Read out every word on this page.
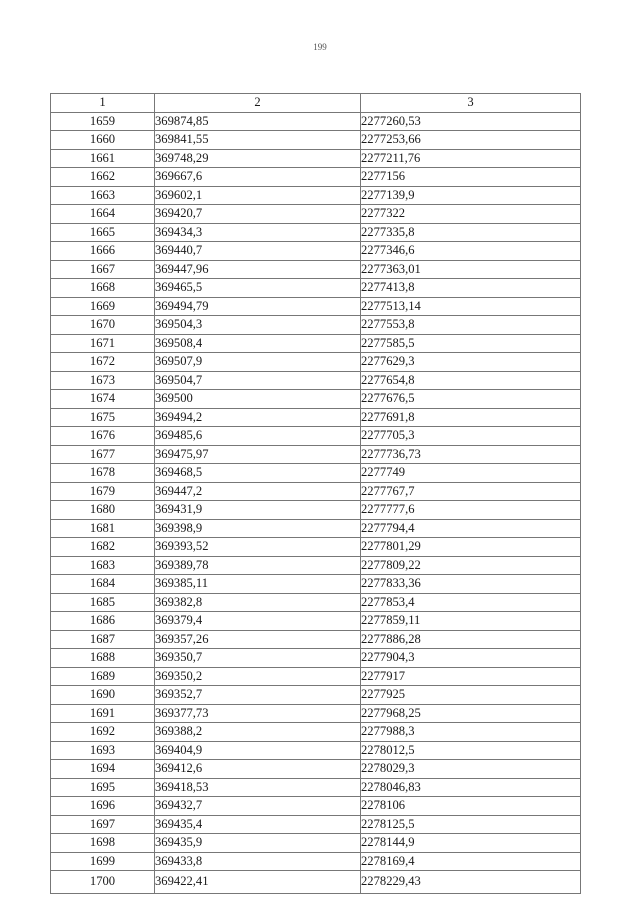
199
1	2	3
1659	369874,85	2277260,53
1660	369841,55	2277253,66
1661	369748,29	2277211,76
1662	369667,6	2277156
1663	369602,1	2277139,9
1664	369420,7	2277322
1665	369434,3	2277335,8
1666	369440,7	2277346,6
1667	369447,96	2277363,01
1668	369465,5	2277413,8
1669	369494,79	2277513,14
1670	369504,3	2277553,8
1671	369508,4	2277585,5
1672	369507,9	2277629,3
1673	369504,7	2277654,8
1674	369500	2277676,5
1675	369494,2	2277691,8
1676	369485,6	2277705,3
1677	369475,97	2277736,73
1678	369468,5	2277749
1679	369447,2	2277767,7
1680	369431,9	2277777,6
1681	369398,9	2277794,4
1682	369393,52	2277801,29
1683	369389,78	2277809,22
1684	369385,11	2277833,36
1685	369382,8	2277853,4
1686	369379,4	2277859,11
1687	369357,26	2277886,28
1688	369350,7	2277904,3
1689	369350,2	2277917
1690	369352,7	2277925
1691	369377,73	2277968,25
1692	369388,2	2277988,3
1693	369404,9	2278012,5
1694	369412,6	2278029,3
1695	369418,53	2278046,83
1696	369432,7	2278106
1697	369435,4	2278125,5
1698	369435,9	2278144,9
1699	369433,8	2278169,4
1700	369422,41	2278229,43
